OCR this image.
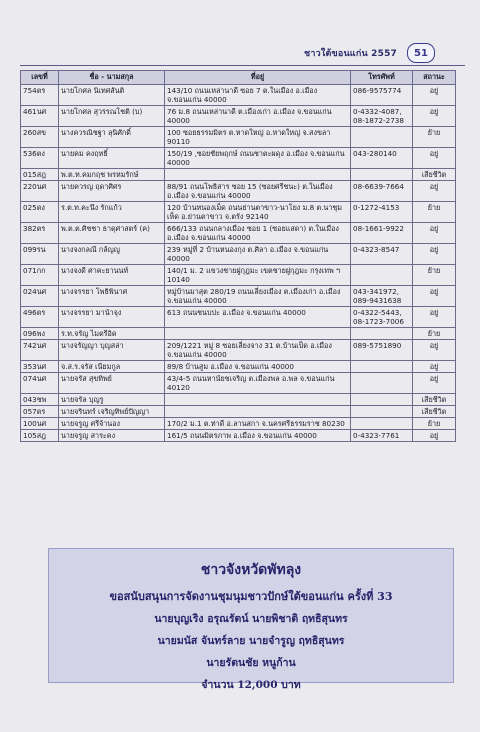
ชาวใต้ขอนแก่น 2557	51
เลขที่	ชื่อ - นามสกุล	ที่อยู่	โทรศัพท์	สถานะ
754ตร	นายโกศล นิเทศสันติ	143/10 ถนนเหล่านาดี ซอย 7 ต.ในเมือง อ.เมือง จ.ขอนแก่น 40000	086-9575774	อยู่
461นศ	นายโกศล สุวรรณโชติ (บ)	76 ม.8 ถนนเหล่านาดี ต.เมืองเก่า อ.เมือง จ.ขอนแก่น 40000	0-4332-4087, 08-1872-2738	อยู่
260สข	นางควรณิชฐา ลุนิศักดิ์	100 ซอยธรรมมิตร ต.หาดใหญ่ อ.หาดใหญ่ จ.สงขลา 90110		ย้าย
536ตง	นายคม คงฤทธิ์	150/19 ,ซอยชัยพฤกษ์ ถนนชาตะผดุง อ.เมือง จ.ขอนแก่น 40000	043-280140	อยู่
015สฎ	พ.ต.ท.คมกฤช พรหมรักษ์			เสียชีวิต
220นศ	นายควรญ ฤดาศิศร	88/91 ถนนโพธิสาร ซอย 15 (ซอยศรีชนะ) ต.ในเมือง อ.เมือง จ.ขอนแก่น 40000	08-6639-7664	อยู่
025ตง	ร.ต.ท.คะนึง รักแก้ว	120 บ้านหนองเม็ด ถนนย่านตาขาว-นาโยง ม.8 ต.นาชุมเห็ด อ.ย่านตาขาว จ.ตรัง 92140	0-1272-4153	ย้าย
382ตร	พ.ต.ต.ศิชชา ธาดุศาสตร์ (ค)	666/133 ถนนกลางเมือง ซอย 1 (ซอยแสดา) ต.ในเมือง อ.เมือง จ.ขอนแก่น 40000	08-1661-9922	อยู่
099รน	นางจงกลณี กล้ญญู	239 หมู่ที่ 2 บ้านหนองกุง ต.ศิลา อ.เมือง จ.ขอนแก่น 40000	0-4323-8547	อยู่
071กก	นางจงดี ศาคะยานนท์	140/1 ม. 2 แขวงชายฝูกุฎมะ เขตชายฝูกุฎมะ กรุงเทพ ฯ 10140		ย้าย
024นศ	นางจรรยา โพธิพินาศ	หมู่บ้านมาสุต 280/19 ถนนเลี่ยงเมือง ต.เมืองเก่า อ.เมือง จ.ขอนแก่น 40000	043-341972, 089-9431638	อยู่
496ตร	นางจรรยา มาน้าจุง	613 ถนนชนบปะ อ.เมือง จ.ขอนแก่น 40000	0-4322-5443, 08-1723-7006	อยู่
096พง	ร.ท.จรัญ ไมตรีอิด			ย้าย
742นศ	นางจรัญญา บุญสล่า	209/1221 หมู่ 8 ซอยเลี่ยงจาง 31 ต.บ้านเป็ด อ.เมือง จ.ขอนแก่น 40000	089-5751890	อยู่
353นศ	จ.ส.ร.จรัส เนียมกูล	89/8 บ้านสูม อ.เมือง จ.ขอนแก่น 40000		อยู่
074นศ	นายจรัส สุขทิพย์	43/4-5 ถนนหาน้ยชเจริญ ต.เมืองพล อ.พล จ.ขอนแก่น 40120		อยู่
043ชพ	นายจรัล บุญรู			เสียชีวิต
057ตร	นายจรินทร์ เจริญทิพย์ปัญญา			เสียชีวิต
100นศ	นายจรูญ ศรีจ้านอง	170/2 ม.1 ต.ท่าดี อ.ลานสกา จ.นครศรีธรรมราช 80230		ย้าย
105สฎ	นายจรูญ สาระคง	161/5 ถนนมิตรภาพ อ.เมือง จ.ขอนแก่น 40000	0-4323-7761	อยู่
ชาวจังหวัดพัทลุง
ขอสนับสนุนการจัดงานชุมนุมชาวปักษ์ใต้ขอนแก่น ครั้งที่ 33
นายบุญเริง อรุณรัตน์ นายพิชาติ ฤทธิสุนทร
นายมนัส จันทร์ลาย นายจำรูญ ฤทธิสุนทร
นายรัตนชัย หนูก้าน
จำนวน 12,000 บาท
